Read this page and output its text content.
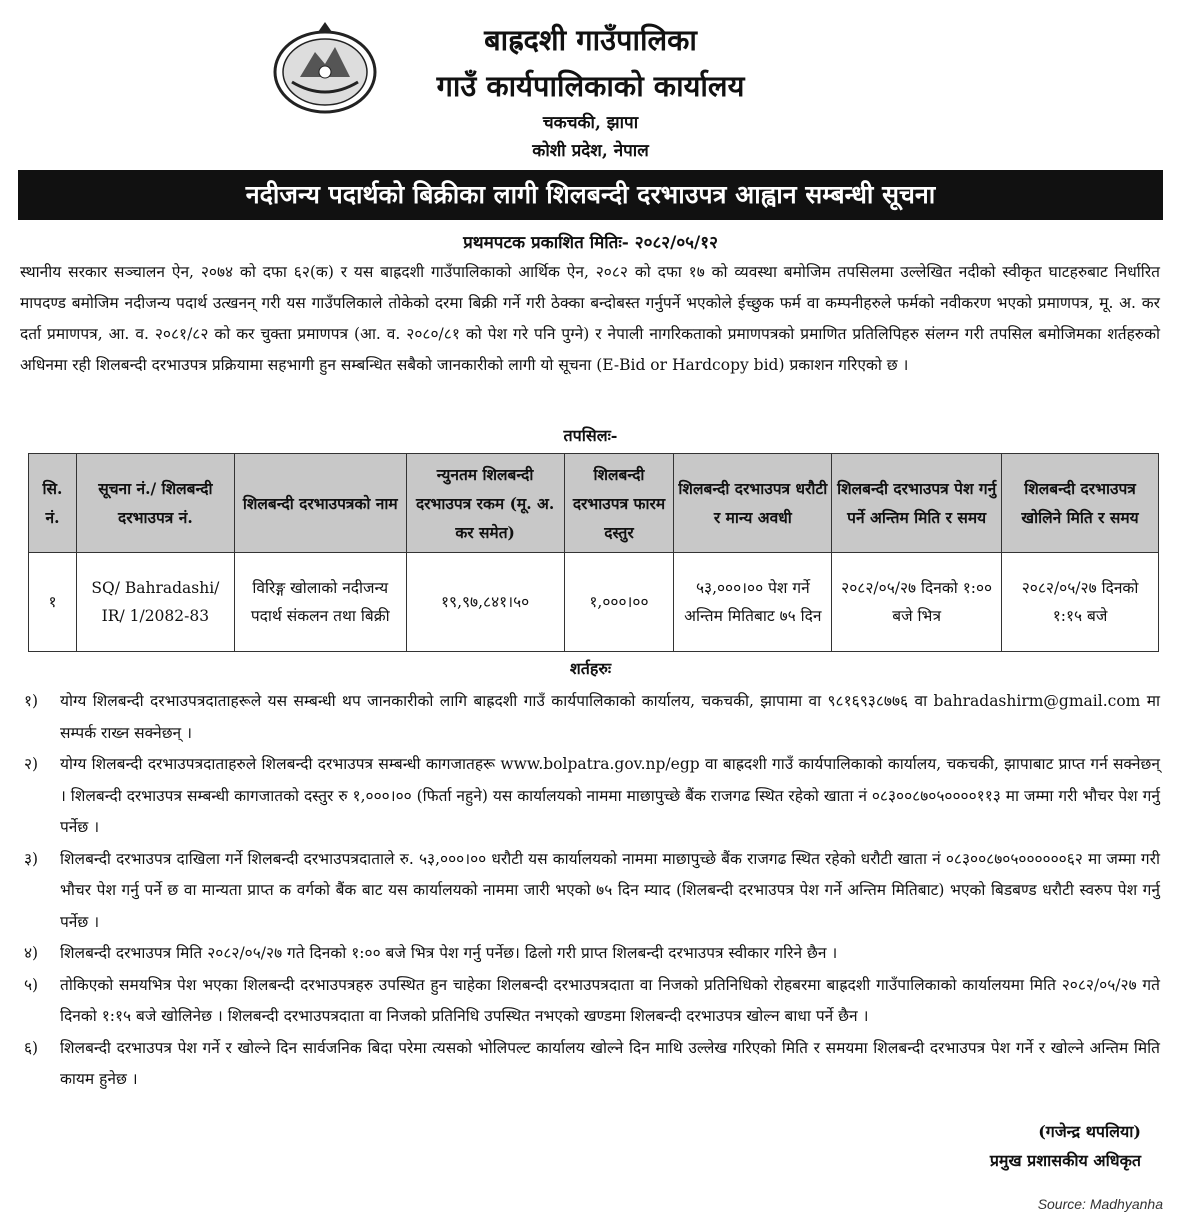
बाह्रदशी गाउँपालिका
गाउँ कार्यपालिकाको कार्यालय
चकचकी, झापा
कोशी प्रदेश, नेपाल
नदीजन्य पदार्थको बिक्रीका लागी शिलबन्दी दरभाउपत्र आह्वान सम्बन्धी सूचना
प्रथमपटक प्रकाशित मितिः- २०८२/०५/१२
स्थानीय सरकार सञ्चालन ऐन, २०७४ को दफा ६२(क) र यस बाह्रदशी गाउँपालिकाको आर्थिक ऐन, २०८२ को दफा १७ को व्यवस्था बमोजिम तपसिलमा उल्लेखित नदीको स्वीकृत घाटहरुबाट निर्धारित मापदण्ड बमोजिम नदीजन्य पदार्थ उत्खनन् गरी यस गाउँपलिकाले तोकेको दरमा बिक्री गर्ने गरी ठेक्का बन्दोबस्त गर्नुपर्ने भएकोले ईच्छुक फर्म वा कम्पनीहरुले फर्मको नवीकरण भएको प्रमाणपत्र, मू. अ. कर दर्ता प्रमाणपत्र, आ. व. २०८१/८२ को कर चुक्ता प्रमाणपत्र (आ. व. २०८०/८१ को पेश गरे पनि पुग्ने) र नेपाली नागरिकताको प्रमाणपत्रको प्रमाणित प्रतिलिपिहरु संलग्न गरी तपसिल बमोजिमका शर्तहरुको अधिनमा रही शिलबन्दी दरभाउपत्र प्रक्रियामा सहभागी हुन सम्बन्धित सबैको जानकारीको लागी यो सूचना (E-Bid or Hardcopy bid) प्रकाशन गरिएको छ ।
तपसिलः-
सि. नं.	सूचना नं./ शिलबन्दी दरभाउपत्र नं.	शिलबन्दी दरभाउपत्रको नाम	न्युनतम शिलबन्दी दरभाउपत्र रकम (मू. अ. कर समेत)	शिलबन्दी दरभाउपत्र फारम दस्तुर	शिलबन्दी दरभाउपत्र धरौटी र मान्य अवधी	शिलबन्दी दरभाउपत्र पेश गर्नु पर्ने अन्तिम मिति र समय	शिलबन्दी दरभाउपत्र खोलिने मिति र समय
१	SQ/ Bahradashi/ IR/ 1/2082-83	विरिङ्ग खोलाको नदीजन्य पदार्थ संकलन तथा बिक्री	१९,९७,८४१।५०	१,०००।००	५३,०००।०० पेश गर्ने अन्तिम मितिबाट ७५ दिन	२०८२/०५/२७ दिनको १:०० बजे भित्र	२०८२/०५/२७ दिनको १:१५ बजे
शर्तहरुः
१)	योग्य शिलबन्दी दरभाउपत्रदाताहरूले यस सम्बन्धी थप जानकारीको लागि बाह्रदशी गाउँ कार्यपालिकाको कार्यालय, चकचकी, झापामा वा ९८१६९३८७७६ वा bahradashirm@gmail.com मा सम्पर्क राख्न सक्नेछन् ।
२)	योग्य शिलबन्दी दरभाउपत्रदाताहरुले शिलबन्दी दरभाउपत्र सम्बन्धी कागजातहरू www.bolpatra.gov.np/egp वा बाह्रदशी गाउँ कार्यपालिकाको कार्यालय, चकचकी, झापाबाट प्राप्त गर्न सक्नेछन् । शिलबन्दी दरभाउपत्र सम्बन्धी कागजातको दस्तुर रु १,०००।०० (फिर्ता नहुने) यस कार्यालयको नाममा माछापुच्छे बैंक राजगढ स्थित रहेको खाता नं ०८३००८७०५००००११३ मा जम्मा गरी भौचर पेश गर्नु पर्नेछ ।
३)	शिलबन्दी दरभाउपत्र दाखिला गर्ने शिलबन्दी दरभाउपत्रदाताले रु. ५३,०००।०० धरौटी यस कार्यालयको नाममा माछापुच्छे बैंक राजगढ स्थित रहेको धरौटी खाता नं ०८३००८७०५००००००६२ मा जम्मा गरी भौचर पेश गर्नु पर्ने छ वा मान्यता प्राप्त क वर्गको बैंक बाट यस कार्यालयको नाममा जारी भएको ७५ दिन म्याद (शिलबन्दी दरभाउपत्र पेश गर्ने अन्तिम मितिबाट) भएको बिडबण्ड धरौटी स्वरुप पेश गर्नु पर्नेछ ।
४)	शिलबन्दी दरभाउपत्र मिति २०८२/०५/२७ गते दिनको १:०० बजे भित्र पेश गर्नु पर्नेछ। ढिलो गरी प्राप्त शिलबन्दी दरभाउपत्र स्वीकार गरिने छैन ।
५)	तोकिएको समयभित्र पेश भएका शिलबन्दी दरभाउपत्रहरु उपस्थित हुन चाहेका शिलबन्दी दरभाउपत्रदाता वा निजको प्रतिनिधिको रोहबरमा बाह्रदशी गाउँपालिकाको कार्यालयमा मिति २०८२/०५/२७ गते दिनको १:१५ बजे खोलिनेछ । शिलबन्दी दरभाउपत्रदाता वा निजको प्रतिनिधि उपस्थित नभएको खण्डमा शिलबन्दी दरभाउपत्र खोल्न बाधा पर्ने छैन ।
६)	शिलबन्दी दरभाउपत्र पेश गर्ने र खोल्ने दिन सार्वजनिक बिदा परेमा त्यसको भोलिपल्ट कार्यालय खोल्ने दिन माथि उल्लेख गरिएको मिति र समयमा शिलबन्दी दरभाउपत्र पेश गर्ने र खोल्ने अन्तिम मिति कायम हुनेछ ।
(गजेन्द्र थपलिया)
प्रमुख प्रशासकीय अधिकृत
Source: Madhyanha
